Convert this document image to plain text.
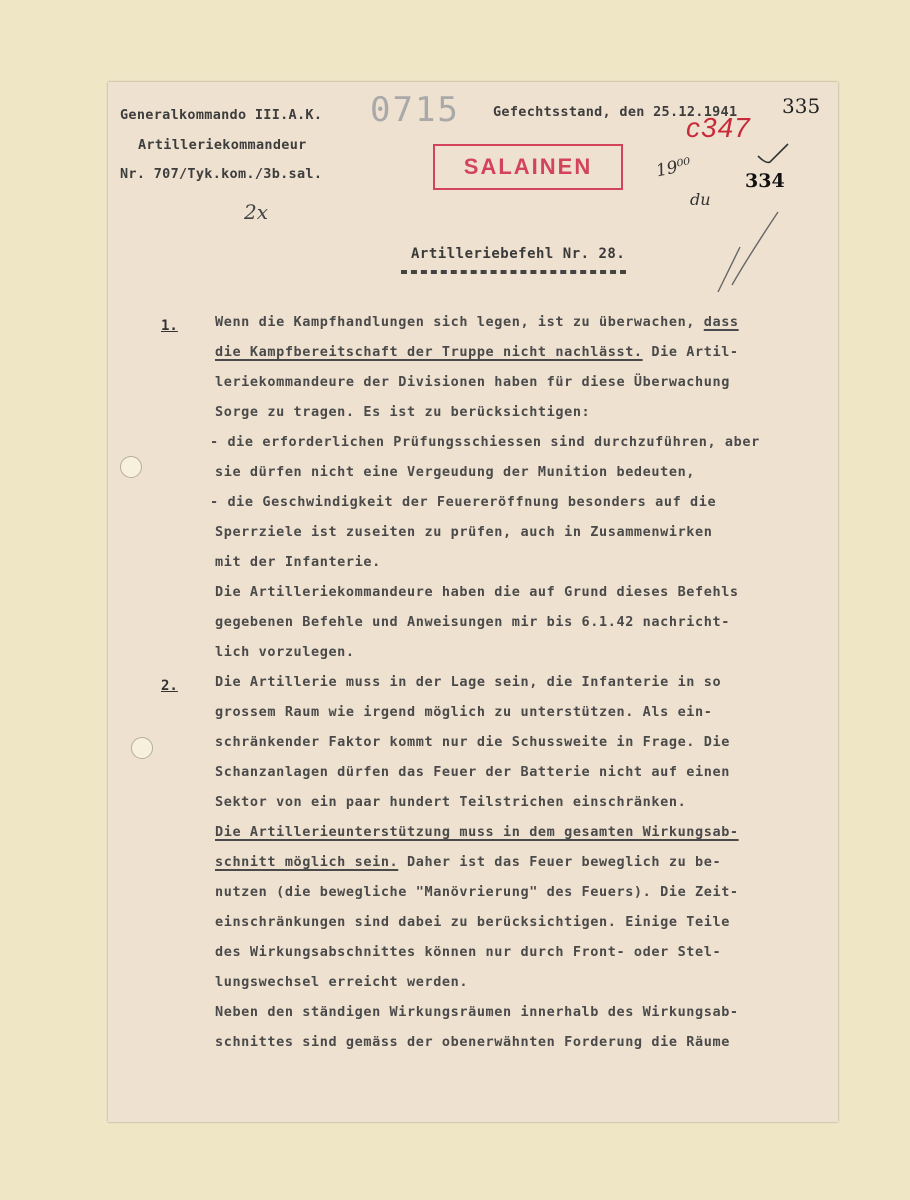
Generalkommando III.A.K.
Artilleriekommandeur
Nr. 707/Tyk.kom./3b.sal.
Gefechtsstand, den 25.12.1941
0715	335
334
c347
SALAINEN	19⁰⁰
du
2x
Artilleriebefehl Nr. 28.
1.	Wenn die Kampfhandlungen sich legen, ist zu überwachen, dass
die Kampfbereitschaft der Truppe nicht nachlässt. Die Artil-
leriekommandeure der Divisionen haben für diese Überwachung
Sorge zu tragen. Es ist zu berücksichtigen:
- die erforderlichen Prüfungsschiessen sind durchzuführen, aber
sie dürfen nicht eine Vergeudung der Munition bedeuten,
- die Geschwindigkeit der Feuereröffnung besonders auf die
Sperrziele ist zuseiten zu prüfen, auch in Zusammenwirken
mit der Infanterie.
Die Artilleriekommandeure haben die auf Grund dieses Befehls
gegebenen Befehle und Anweisungen mir bis 6.1.42 nachricht-
lich vorzulegen.
2.	Die Artillerie muss in der Lage sein, die Infanterie in so
grossem Raum wie irgend möglich zu unterstützen. Als ein-
schränkender Faktor kommt nur die Schussweite in Frage. Die
Schanzanlagen dürfen das Feuer der Batterie nicht auf einen
Sektor von ein paar hundert Teilstrichen einschränken.
Die Artillerieunterstützung muss in dem gesamten Wirkungsab-
schnitt möglich sein. Daher ist das Feuer beweglich zu be-
nutzen (die bewegliche "Manövrierung" des Feuers). Die Zeit-
einschränkungen sind dabei zu berücksichtigen. Einige Teile
des Wirkungsabschnittes können nur durch Front- oder Stel-
lungswechsel erreicht werden.
Neben den ständigen Wirkungsräumen innerhalb des Wirkungsab-
schnittes sind gemäss der obenerwähnten Forderung die Räume
